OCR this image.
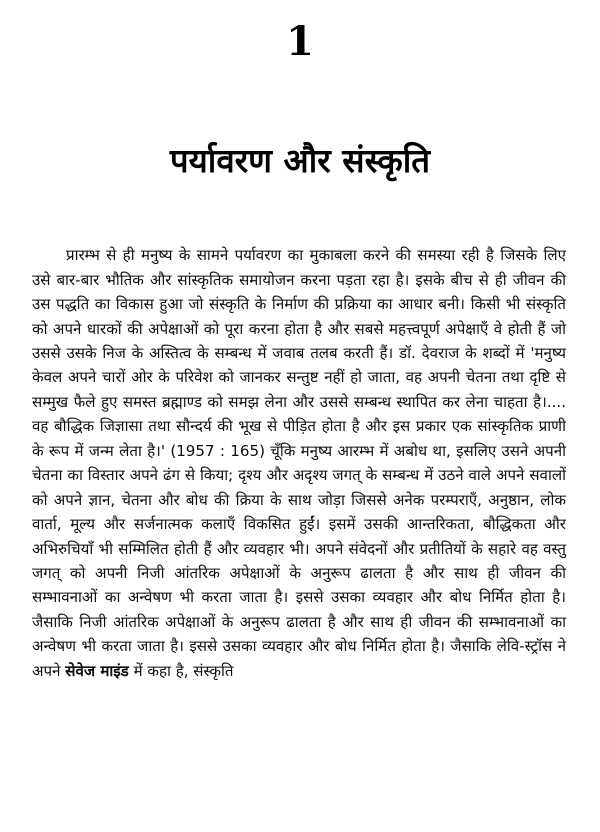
1
पर्यावरण और संस्कृति

प्रारम्भ से ही मनुष्य के सामने पर्यावरण का मुकाबला करने की समस्या रही है जिसके लिए उसे बार-बार भौतिक और सांस्कृतिक समायोजन करना पड़ता रहा है। इसके बीच से ही जीवन की उस पद्धति का विकास हुआ जो संस्कृति के निर्माण की प्रक्रिया का आधार बनी। किसी भी संस्कृति को अपने धारकों की अपेक्षाओं को पूरा करना होता है और सबसे महत्त्वपूर्ण अपेक्षाएँ वे होती हैं जो उससे उसके निज के अस्तित्व के सम्बन्ध में जवाब तलब करती हैं। डॉ. देवराज के शब्दों में 'मनुष्य केवल अपने चारों ओर के परिवेश को जानकर सन्तुष्ट नहीं हो जाता, वह अपनी चेतना तथा दृष्टि से सम्मुख फैले हुए समस्त ब्रह्माण्ड को समझ लेना और उससे सम्बन्ध स्थापित कर लेना चाहता है।.... वह बौद्धिक जिज्ञासा तथा सौन्दर्य की भूख से पीड़ित होता है और इस प्रकार एक सांस्कृतिक प्राणी के रूप में जन्म लेता है।' (1957 : 165) चूँकि मनुष्य आरम्भ में अबोध था, इसलिए उसने अपनी चेतना का विस्तार अपने ढंग से किया; दृश्य और अदृश्य जगत् के सम्बन्ध में उठने वाले अपने सवालों को अपने ज्ञान, चेतना और बोध की क्रिया के साथ जोड़ा जिससे अनेक परम्पराएँ, अनुष्ठान, लोक वार्ता, मूल्य और सर्जनात्मक कलाएँ विकसित हुईं। इसमें उसकी आन्तरिकता, बौद्धिकता और अभिरुचियाँ भी सम्मिलित होती हैं और व्यवहार भी। अपने संवेदनों और प्रतीतियों के सहारे वह वस्तु जगत् को अपनी निजी आंतरिक अपेक्षाओं के अनुरूप ढालता है और साथ ही जीवन की सम्भावनाओं का अन्वेषण भी करता जाता है। इससे उसका व्यवहार और बोध निर्मित होता है। जैसाकि निजी आंतरिक अपेक्षाओं के अनुरूप ढालता है और साथ ही जीवन की सम्भावनाओं का अन्वेषण भी करता जाता है। इससे उसका व्यवहार और बोध निर्मित होता है। जैसाकि लेवि-स्ट्रॉस ने अपने सेवेज माइंड में कहा है, संस्कृति
